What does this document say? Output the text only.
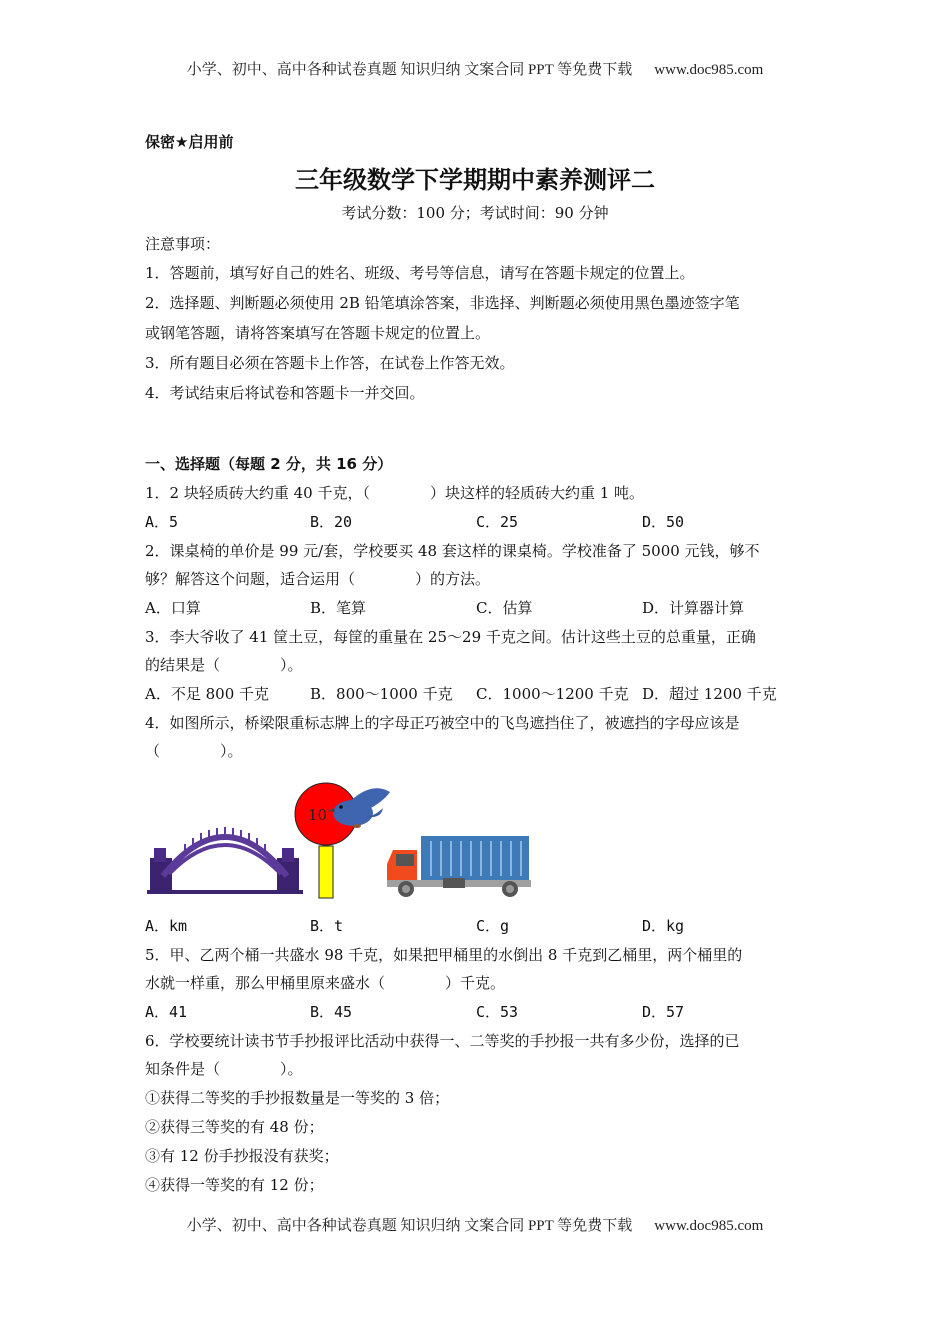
小学、初中、高中各种试卷真题 知识归纳 文案合同 PPT 等免费下载 www.doc985.com
保密★启用前
三年级数学下学期期中素养测评二
考试分数：100 分；考试时间：90 分钟
注意事项：
1．答题前，填写好自己的姓名、班级、考号等信息，请写在答题卡规定的位置上。
2．选择题、判断题必须使用 2B 铅笔填涂答案，非选择、判断题必须使用黑色墨迹签字笔
或钢笔答题，请将答案填写在答题卡规定的位置上。
3．所有题目必须在答题卡上作答，在试卷上作答无效。
4．考试结束后将试卷和答题卡一并交回。
一、选择题（每题 2 分，共 16 分）
1．2 块轻质砖大约重 40 千克，（　　　　）块这样的轻质砖大约重 1 吨。
A．5	B．20	C．25	D．50
2．课桌椅的单价是 99 元/套，学校要买 48 套这样的课桌椅。学校准备了 5000 元钱，够不
够？解答这个问题，适合运用（　　　　）的方法。
A．口算	B．笔算	C．估算	D．计算器计算
3．李大爷收了 41 筐土豆，每筐的重量在 25～29 千克之间。估计这些土豆的总重量，正确
的结果是（　　　　）。
A．不足 800 千克	B．800～1000 千克 C．1000～1200 千克 D．超过 1200 千克
4．如图所示，桥梁限重标志牌上的字母正巧被空中的飞鸟遮挡住了，被遮挡的字母应该是
（　　　　）。
10
A．km	B．t	C．g	D．kg
5．甲、乙两个桶一共盛水 98 千克，如果把甲桶里的水倒出 8 千克到乙桶里，两个桶里的
水就一样重，那么甲桶里原来盛水（　　　　）千克。
A．41	B．45	C．53	D．57
6．学校要统计读书节手抄报评比活动中获得一、二等奖的手抄报一共有多少份，选择的已
知条件是（　　　　）。
①获得二等奖的手抄报数量是一等奖的 3 倍；
②获得三等奖的有 48 份；
③有 12 份手抄报没有获奖；
④获得一等奖的有 12 份；
小学、初中、高中各种试卷真题 知识归纳 文案合同 PPT 等免费下载 www.doc985.com
